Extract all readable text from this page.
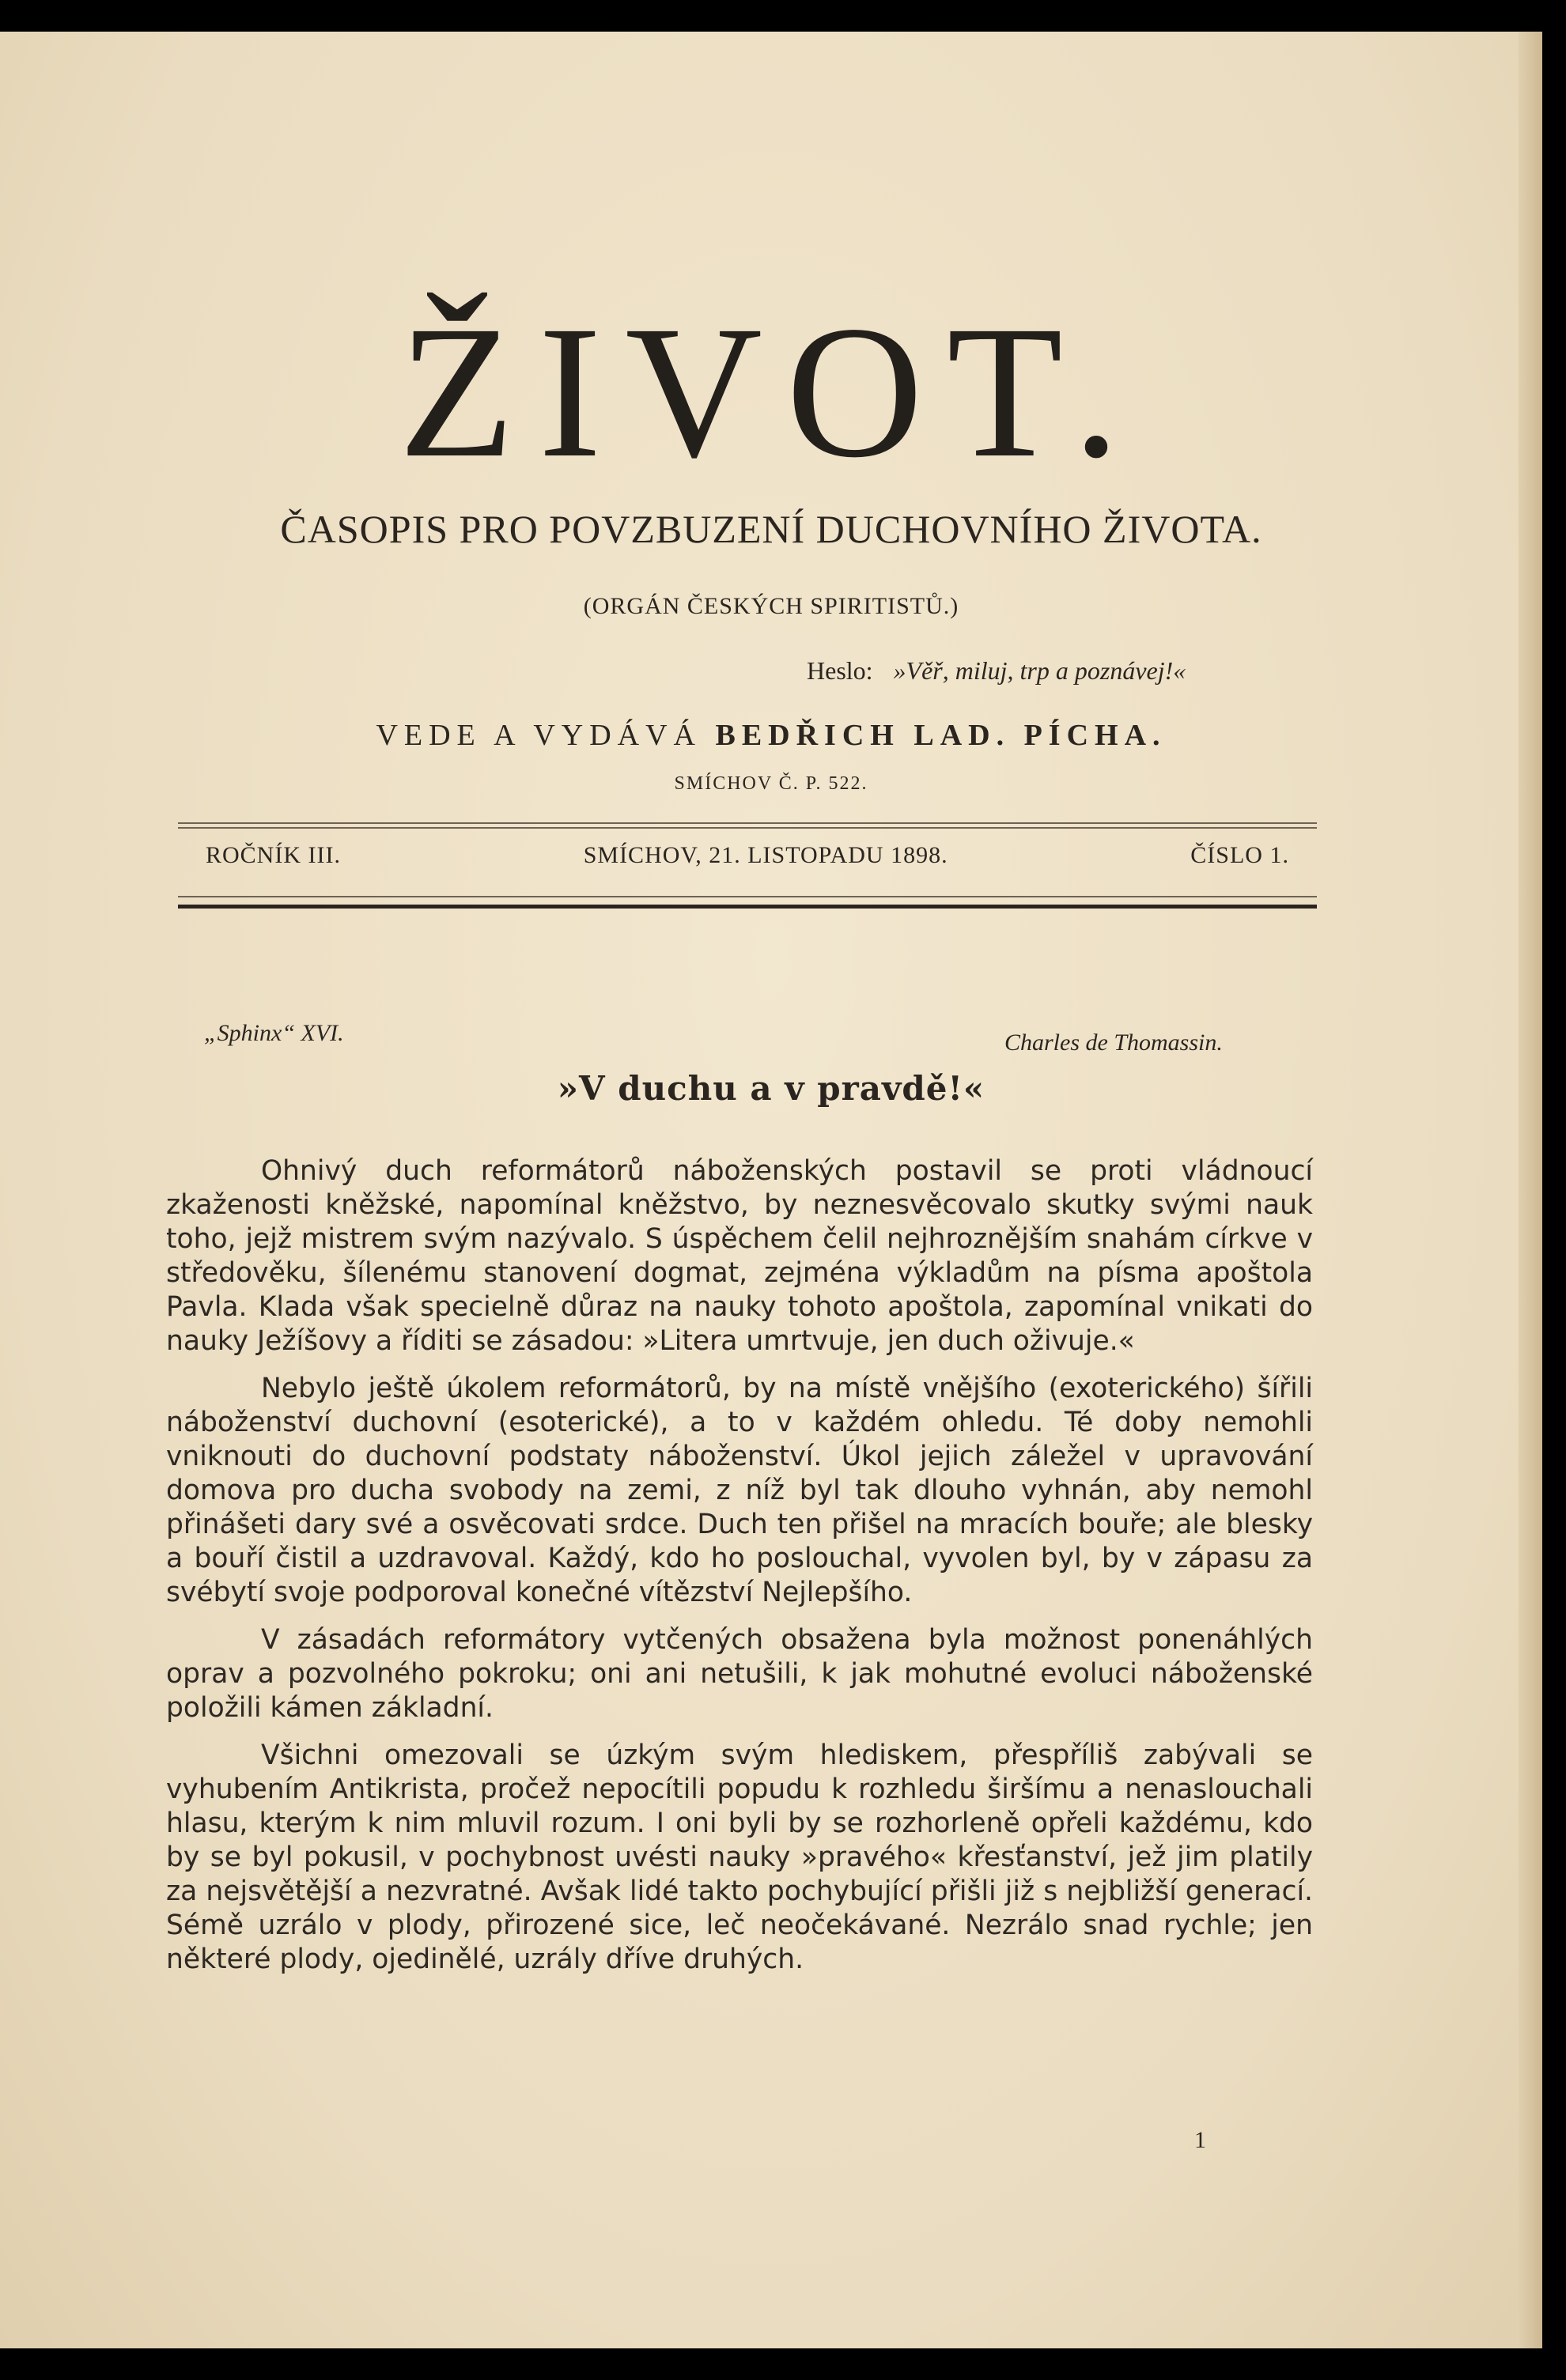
ŽIVOT.
ČASOPIS PRO POVZBUZENÍ DUCHOVNÍHO ŽIVOTA.
(ORGÁN ČESKÝCH SPIRITISTŮ.)
Heslo: »Věř, miluj, trp a poznávej!«
VEDE A VYDÁVÁ BEDŘICH LAD. PÍCHA.
SMÍCHOV Č. P. 522.
ROČNÍK III.	SMÍCHOV, 21. LISTOPADU 1898.	ČÍSLO 1.
„Sphinx“ XVI.	Charles de Thomassin.
»V duchu a v pravdě!«

Ohnivý duch reformátorů náboženských postavil se proti vládnoucí zkaženosti kněžské, napomínal kněžstvo, by neznesvěcovalo skutky svými nauk toho, jejž mistrem svým nazývalo. S úspěchem čelil nejhroznějším snahám církve v středověku, šílenému stanovení dogmat, zejména výkladům na písma apoštola Pavla. Klada však specielně důraz na nauky tohoto apoštola, zapomínal vnikati do nauky Ježíšovy a říditi se zásadou: »Litera umrtvuje, jen duch oživuje.«

Nebylo ještě úkolem reformátorů, by na místě vnějšího (exoterického) šířili náboženství duchovní (esoterické), a to v každém ohledu. Té doby nemohli vniknouti do duchovní podstaty náboženství. Úkol jejich záležel v upravování domova pro ducha svobody na zemi, z níž byl tak dlouho vyhnán, aby nemohl přinášeti dary své a osvěcovati srdce. Duch ten přišel na mracích bouře; ale blesky a bouří čistil a uzdravoval. Každý, kdo ho poslouchal, vyvolen byl, by v zápasu za svébytí svoje podporoval konečné vítězství Nejlepšího.

V zásadách reformátory vytčených obsažena byla možnost ponenáhlých oprav a pozvolného pokroku; oni ani netušili, k jak mohutné evoluci náboženské položili kámen základní.

Všichni omezovali se úzkým svým hlediskem, přespříliš zabývali se vyhubením Antikrista, pročež nepocítili popudu k rozhledu širšímu a nenaslouchali hlasu, kterým k nim mluvil rozum. I oni byli by se rozhorleně opřeli každému, kdo by se byl pokusil, v pochybnost uvésti nauky »pravého« křesťanství, jež jim platily za nejsvětější a nezvratné. Avšak lidé takto pochybující přišli již s nejbližší generací. Sémě uzrálo v plody, přirozené sice, leč neočekávané. Nezrálo snad rychle; jen některé plody, ojedinělé, uzrály dříve druhých.

1
